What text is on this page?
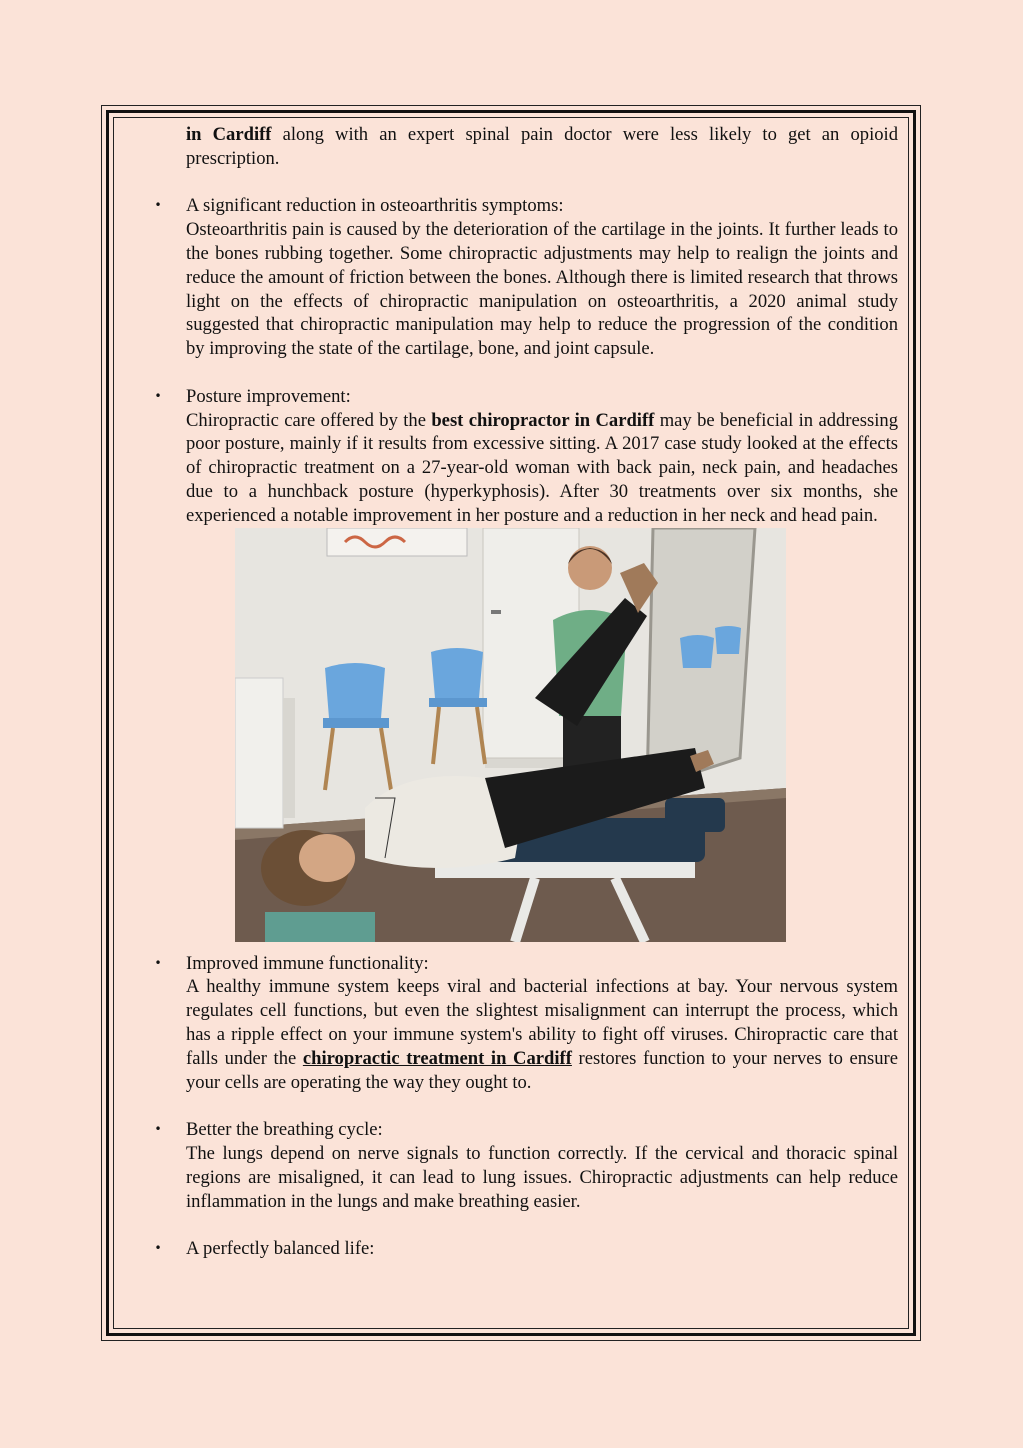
in Cardiff along with an expert spinal pain doctor were less likely to get an opioid prescription.

• A significant reduction in osteoarthritis symptoms:

Osteoarthritis pain is caused by the deterioration of the cartilage in the joints. It further leads to the bones rubbing together. Some chiropractic adjustments may help to realign the joints and reduce the amount of friction between the bones. Although there is limited research that throws light on the effects of chiropractic manipulation on osteoarthritis, a 2020 animal study suggested that chiropractic manipulation may help to reduce the progression of the condition by improving the state of the cartilage, bone, and joint capsule.

• Posture improvement:

Chiropractic care offered by the best chiropractor in Cardiff may be beneficial in addressing poor posture, mainly if it results from excessive sitting. A 2017 case study looked at the effects of chiropractic treatment on a 27-year-old woman with back pain, neck pain, and headaches due to a hunchback posture (hyperkyphosis). After 30 treatments over six months, she experienced a notable improvement in her posture and a reduction in her neck and head pain.

• Improved immune functionality:

A healthy immune system keeps viral and bacterial infections at bay. Your nervous system regulates cell functions, but even the slightest misalignment can interrupt the process, which has a ripple effect on your immune system's ability to fight off viruses. Chiropractic care that falls under the chiropractic treatment in Cardiff restores function to your nerves to ensure your cells are operating the way they ought to.

• Better the breathing cycle:

The lungs depend on nerve signals to function correctly. If the cervical and thoracic spinal regions are misaligned, it can lead to lung issues. Chiropractic adjustments can help reduce inflammation in the lungs and make breathing easier.

• A perfectly balanced life:
